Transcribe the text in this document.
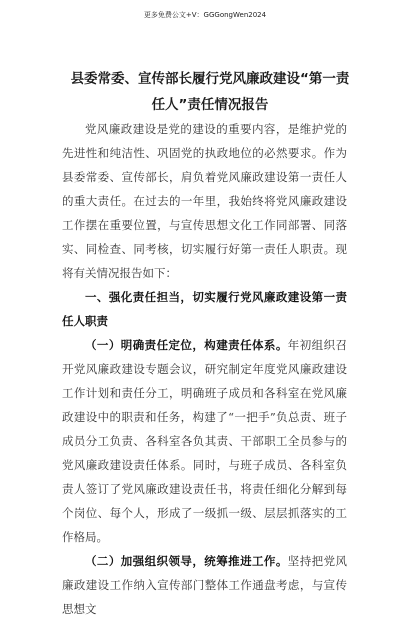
更多免费公文+V：GGGongWen2024
县委常委、宣传部长履行党风廉政建设“第一责任人”责任情况报告

党风廉政建设是党的建设的重要内容，是维护党的先进性和纯洁性、巩固党的执政地位的必然要求。作为县委常委、宣传部长，肩负着党风廉政建设第一责任人的重大责任。在过去的一年里，我始终将党风廉政建设工作摆在重要位置，与宣传思想文化工作同部署、同落实、同检查、同考核，切实履行好第一责任人职责。现将有关情况报告如下：

一、强化责任担当，切实履行党风廉政建设第一责任人职责

（一）明确责任定位，构建责任体系。年初组织召开党风廉政建设专题会议，研究制定年度党风廉政建设工作计划和责任分工，明确班子成员和各科室在党风廉政建设中的职责和任务，构建了“一把手”负总责、班子成员分工负责、各科室各负其责、干部职工全员参与的党风廉政建设责任体系。同时，与班子成员、各科室负责人签订了党风廉政建设责任书，将责任细化分解到每个岗位、每个人，形成了一级抓一级、层层抓落实的工作格局。

（二）加强组织领导，统筹推进工作。坚持把党风廉政建设工作纳入宣传部门整体工作通盘考虑，与宣传思想文
